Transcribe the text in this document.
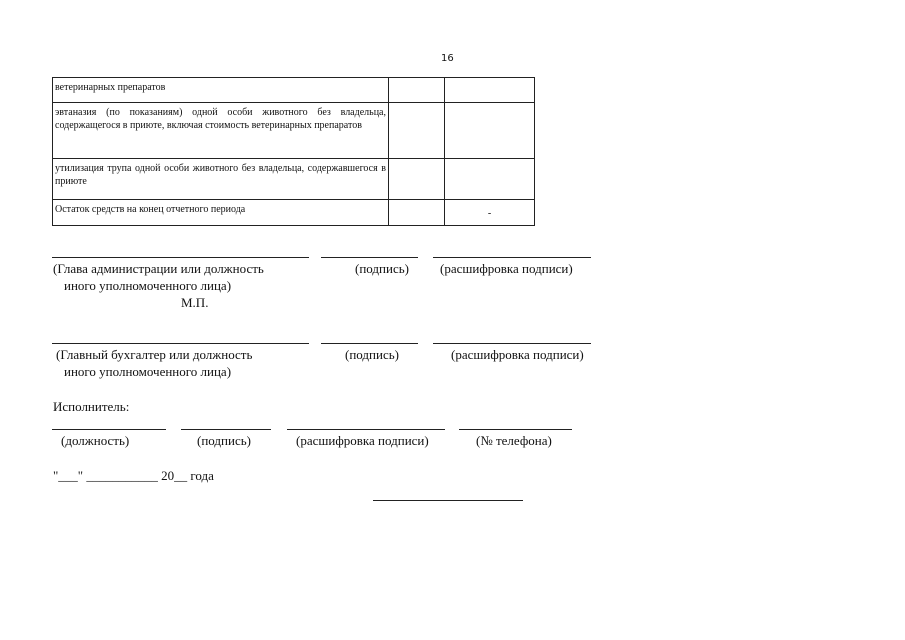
16
ветеринарных препаратов		
эвтаназия (по показаниям) одной особи животного без владельца, содержащегося в приюте, включая стоимость ветеринарных препаратов		
утилизация трупа одной особи животного без владельца, содержавшегося в приюте		
Остаток средств на конец отчетного периода		-
(Глава администрации или должность	(подпись) (расшифровка подписи)
иного уполномоченного лица)
М.П.
(Главный бухгалтер или должность	(подпись)	(расшифровка подписи)
иного уполномоченного лица)
Исполнитель:
(должность)	(подпись)	(расшифровка подписи)	(№ телефона)
"___" ___________ 20__ года
